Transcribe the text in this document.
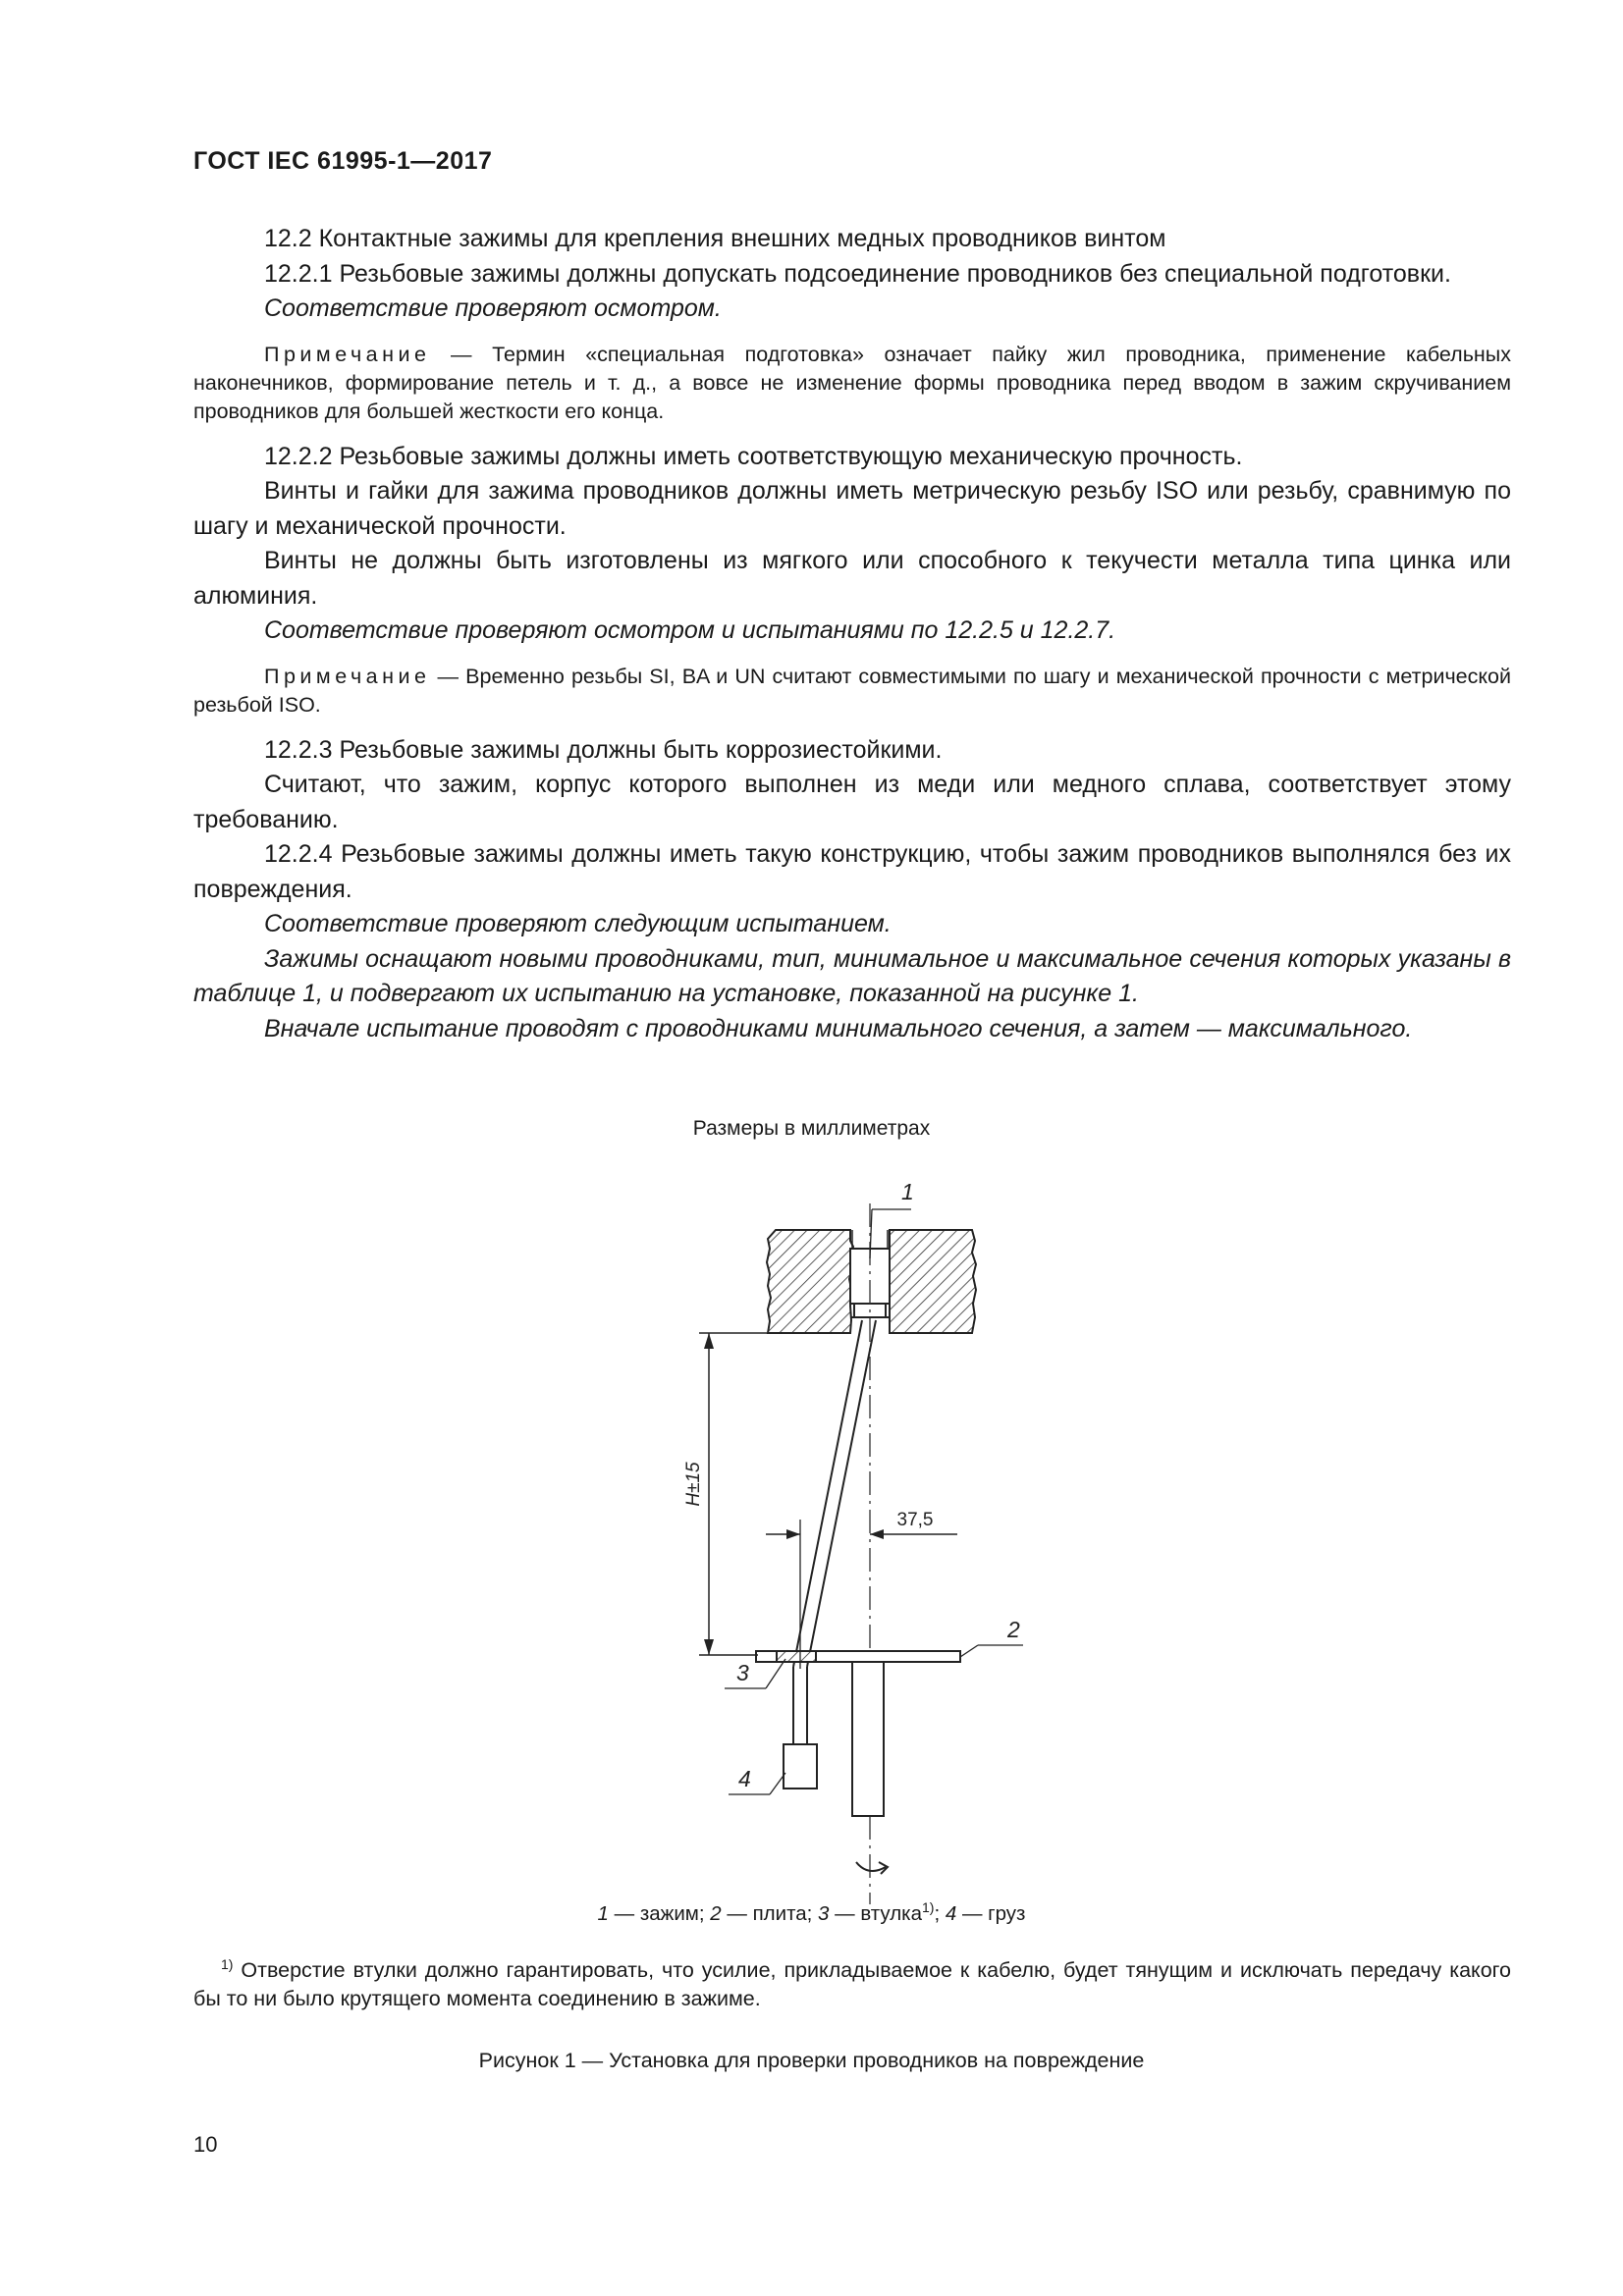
ГОСТ IEC 61995-1—2017

12.2 Контактные зажимы для крепления внешних медных проводников винтом

12.2.1 Резьбовые зажимы должны допускать подсоединение проводников без специальной подготовки.

Соответствие проверяют осмотром.

Примечание — Термин «специальная подготовка» означает пайку жил проводника, применение кабельных наконечников, формирование петель и т. д., а вовсе не изменение формы проводника перед вводом в зажим скручиванием проводников для большей жесткости его конца.

12.2.2 Резьбовые зажимы должны иметь соответствующую механическую прочность.

Винты и гайки для зажима проводников должны иметь метрическую резьбу ISO или резьбу, сравнимую по шагу и механической прочности.

Винты не должны быть изготовлены из мягкого или способного к текучести металла типа цинка или алюминия.

Соответствие проверяют осмотром и испытаниями по 12.2.5 и 12.2.7.

Примечание — Временно резьбы SI, BA и UN считают совместимыми по шагу и механической прочности с метрической резьбой ISO.

12.2.3 Резьбовые зажимы должны быть коррозиестойкими.

Считают, что зажим, корпус которого выполнен из меди или медного сплава, соответствует этому требованию.

12.2.4 Резьбовые зажимы должны иметь такую конструкцию, чтобы зажим проводников выполнялся без их повреждения.

Соответствие проверяют следующим испытанием.

Зажимы оснащают новыми проводниками, тип, минимальное и максимальное сечения которых указаны в таблице 1, и подвергают их испытанию на установке, показанной на рисунке 1.

Вначале испытание проводят с проводниками минимального сечения, а затем — максимального.

Размеры в миллиметрах
H±15
37,5
1
2
3
4
1 — зажим; 2 — плита; 3 — втулка$^{1)}$; 4 — груз
$^{1)}$ Отверстие втулки должно гарантировать, что усилие, прикладываемое к кабелю, будет тянущим и исключать передачу какого бы то ни было крутящего момента соединению в зажиме.
Рисунок 1 — Установка для проверки проводников на повреждение
10
